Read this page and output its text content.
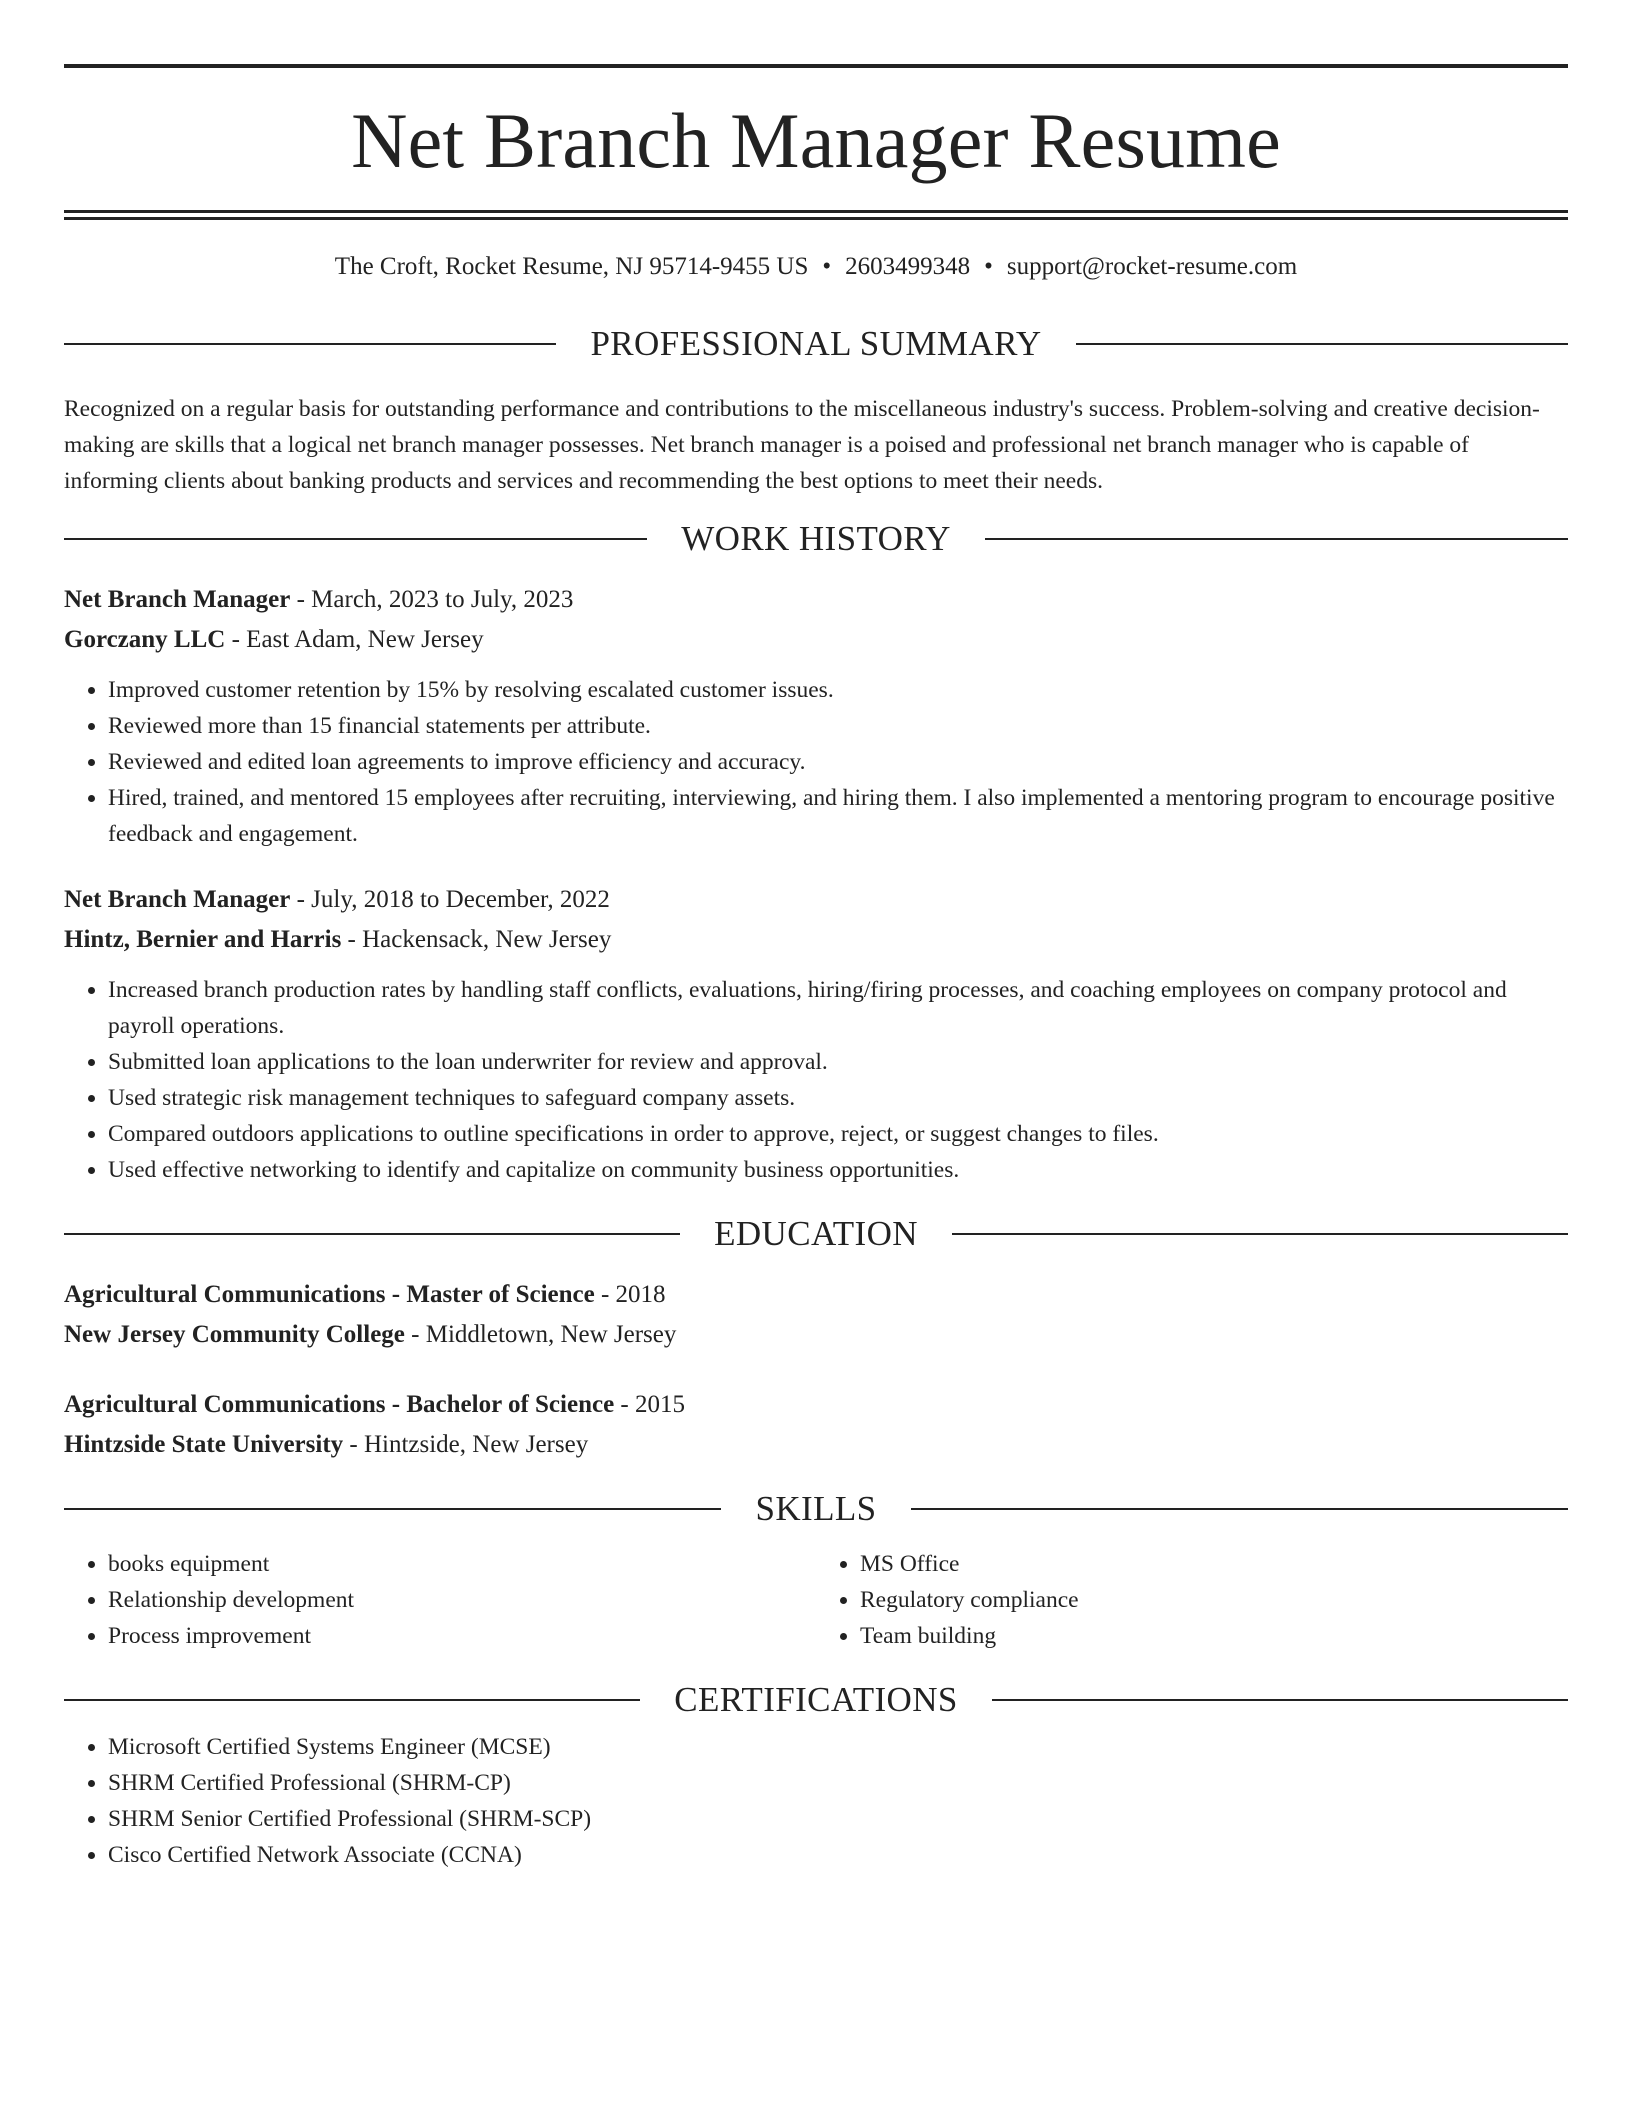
Net Branch Manager Resume
The Croft, Rocket Resume, NJ 95714-9455 US • 2603499348 • support@rocket-resume.com
PROFESSIONAL SUMMARY

Recognized on a regular basis for outstanding performance and contributions to the miscellaneous industry's success. Problem-solving and creative decision-making are skills that a logical net branch manager possesses. Net branch manager is a poised and professional net branch manager who is capable of informing clients about banking products and services and recommending the best options to meet their needs.

WORK HISTORY
Net Branch Manager - March, 2023 to July, 2023
Gorczany LLC - East Adam, New Jersey
• Improved customer retention by 15% by resolving escalated customer issues.
• Reviewed more than 15 financial statements per attribute.
• Reviewed and edited loan agreements to improve efficiency and accuracy.
• Hired, trained, and mentored 15 employees after recruiting, interviewing, and hiring them. I also implemented a mentoring program to encourage positive feedback and engagement.
Net Branch Manager - July, 2018 to December, 2022
Hintz, Bernier and Harris - Hackensack, New Jersey
• Increased branch production rates by handling staff conflicts, evaluations, hiring/firing processes, and coaching employees on company protocol and payroll operations.
• Submitted loan applications to the loan underwriter for review and approval.
• Used strategic risk management techniques to safeguard company assets.
• Compared outdoors applications to outline specifications in order to approve, reject, or suggest changes to files.
• Used effective networking to identify and capitalize on community business opportunities.
EDUCATION
Agricultural Communications - Master of Science - 2018
New Jersey Community College - Middletown, New Jersey
Agricultural Communications - Bachelor of Science - 2015
Hintzside State University - Hintzside, New Jersey
SKILLS
• books equipment
• Relationship development
• Process improvement
• MS Office
• Regulatory compliance
• Team building
CERTIFICATIONS
• Microsoft Certified Systems Engineer (MCSE)
• SHRM Certified Professional (SHRM-CP)
• SHRM Senior Certified Professional (SHRM-SCP)
• Cisco Certified Network Associate (CCNA)
